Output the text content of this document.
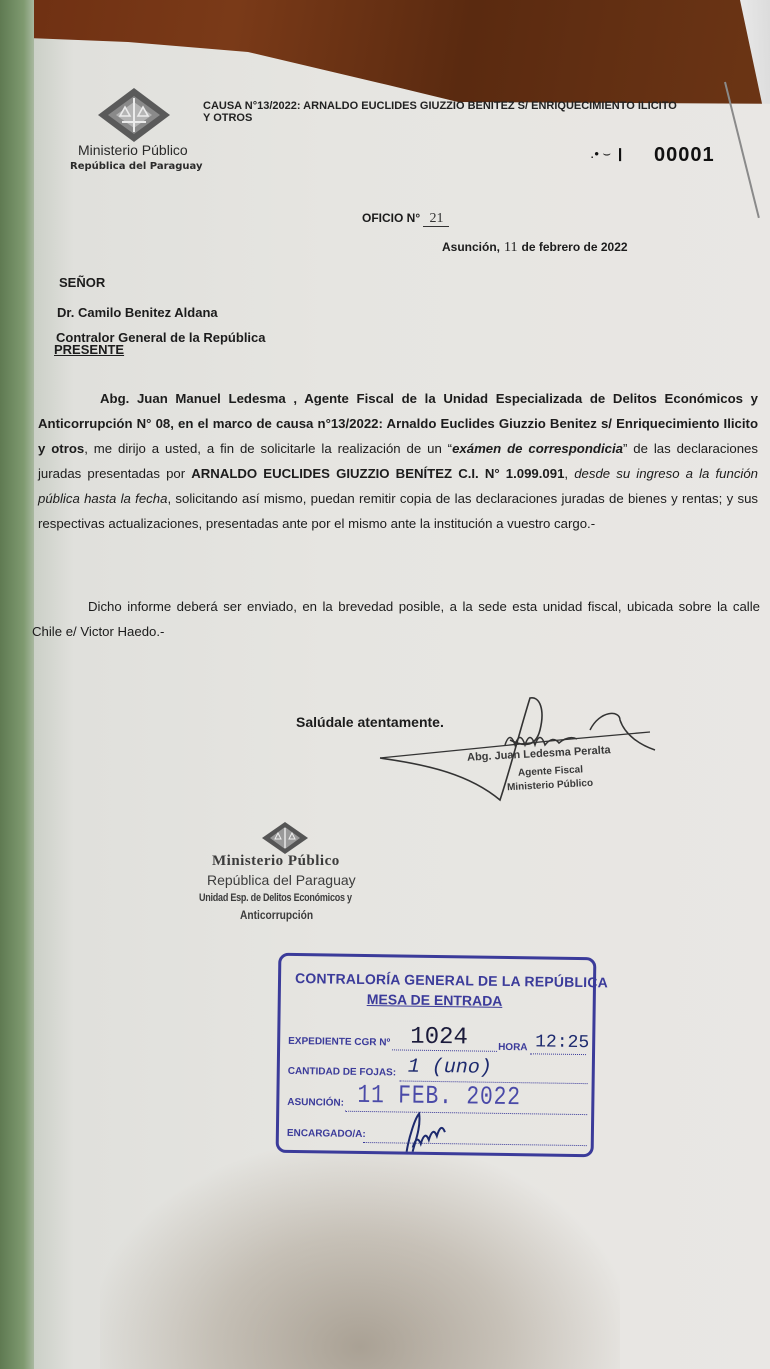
Ministerio Público
República del Paraguay
CAUSA N°13/2022: ARNALDO EUCLIDES GIUZZIO BENITEZ S/ ENRIQUECIMIENTO ILICITO
Y OTROS
․• ⌣ ❙ 00001
OFICIO N° 21
Asunción, 11 de febrero de 2022
SEÑOR
Dr. Camilo Benitez Aldana
Contralor General de la República
PRESENTE
Abg. Juan Manuel Ledesma , Agente Fiscal de la Unidad Especializada de Delitos Económicos y Anticorrupción N° 08, en el marco de causa n°13/2022: Arnaldo Euclides Giuzzio Benitez s/ Enriquecimiento Ilicito y otros, me dirijo a usted, a fin de solicitarle la realización de un “exámen de correspondicia” de las declaraciones juradas presentadas por ARNALDO EUCLIDES GIUZZIO BENÍTEZ C.I. N° 1.099.091, desde su ingreso a la función pública hasta la fecha, solicitando así mismo, puedan remitir copia de las declaraciones juradas de bienes y rentas; y sus respectivas actualizaciones, presentadas ante por el mismo ante la institución a vuestro cargo.-
Dicho informe deberá ser enviado, en la brevedad posible, a la sede esta unidad fiscal, ubicada sobre la calle Chile e/ Victor Haedo.-
Salúdale atentamente.
Abg. Juan Ledesma Peralta
Agente Fiscal
Ministerio Público
Ministerio Público
República del Paraguay
Unidad Esp. de Delitos Económicos y
Anticorrupción
CONTRALORÍA GENERAL DE LA REPÚBLICA
MESA DE ENTRADA
EXPEDIENTE CGR Nº 1024	HORA 12:25
CANTIDAD DE FOJAS: 1 (uno)
ASUNCIÓN: 11 FEB. 2022
ENCARGADO/A:
